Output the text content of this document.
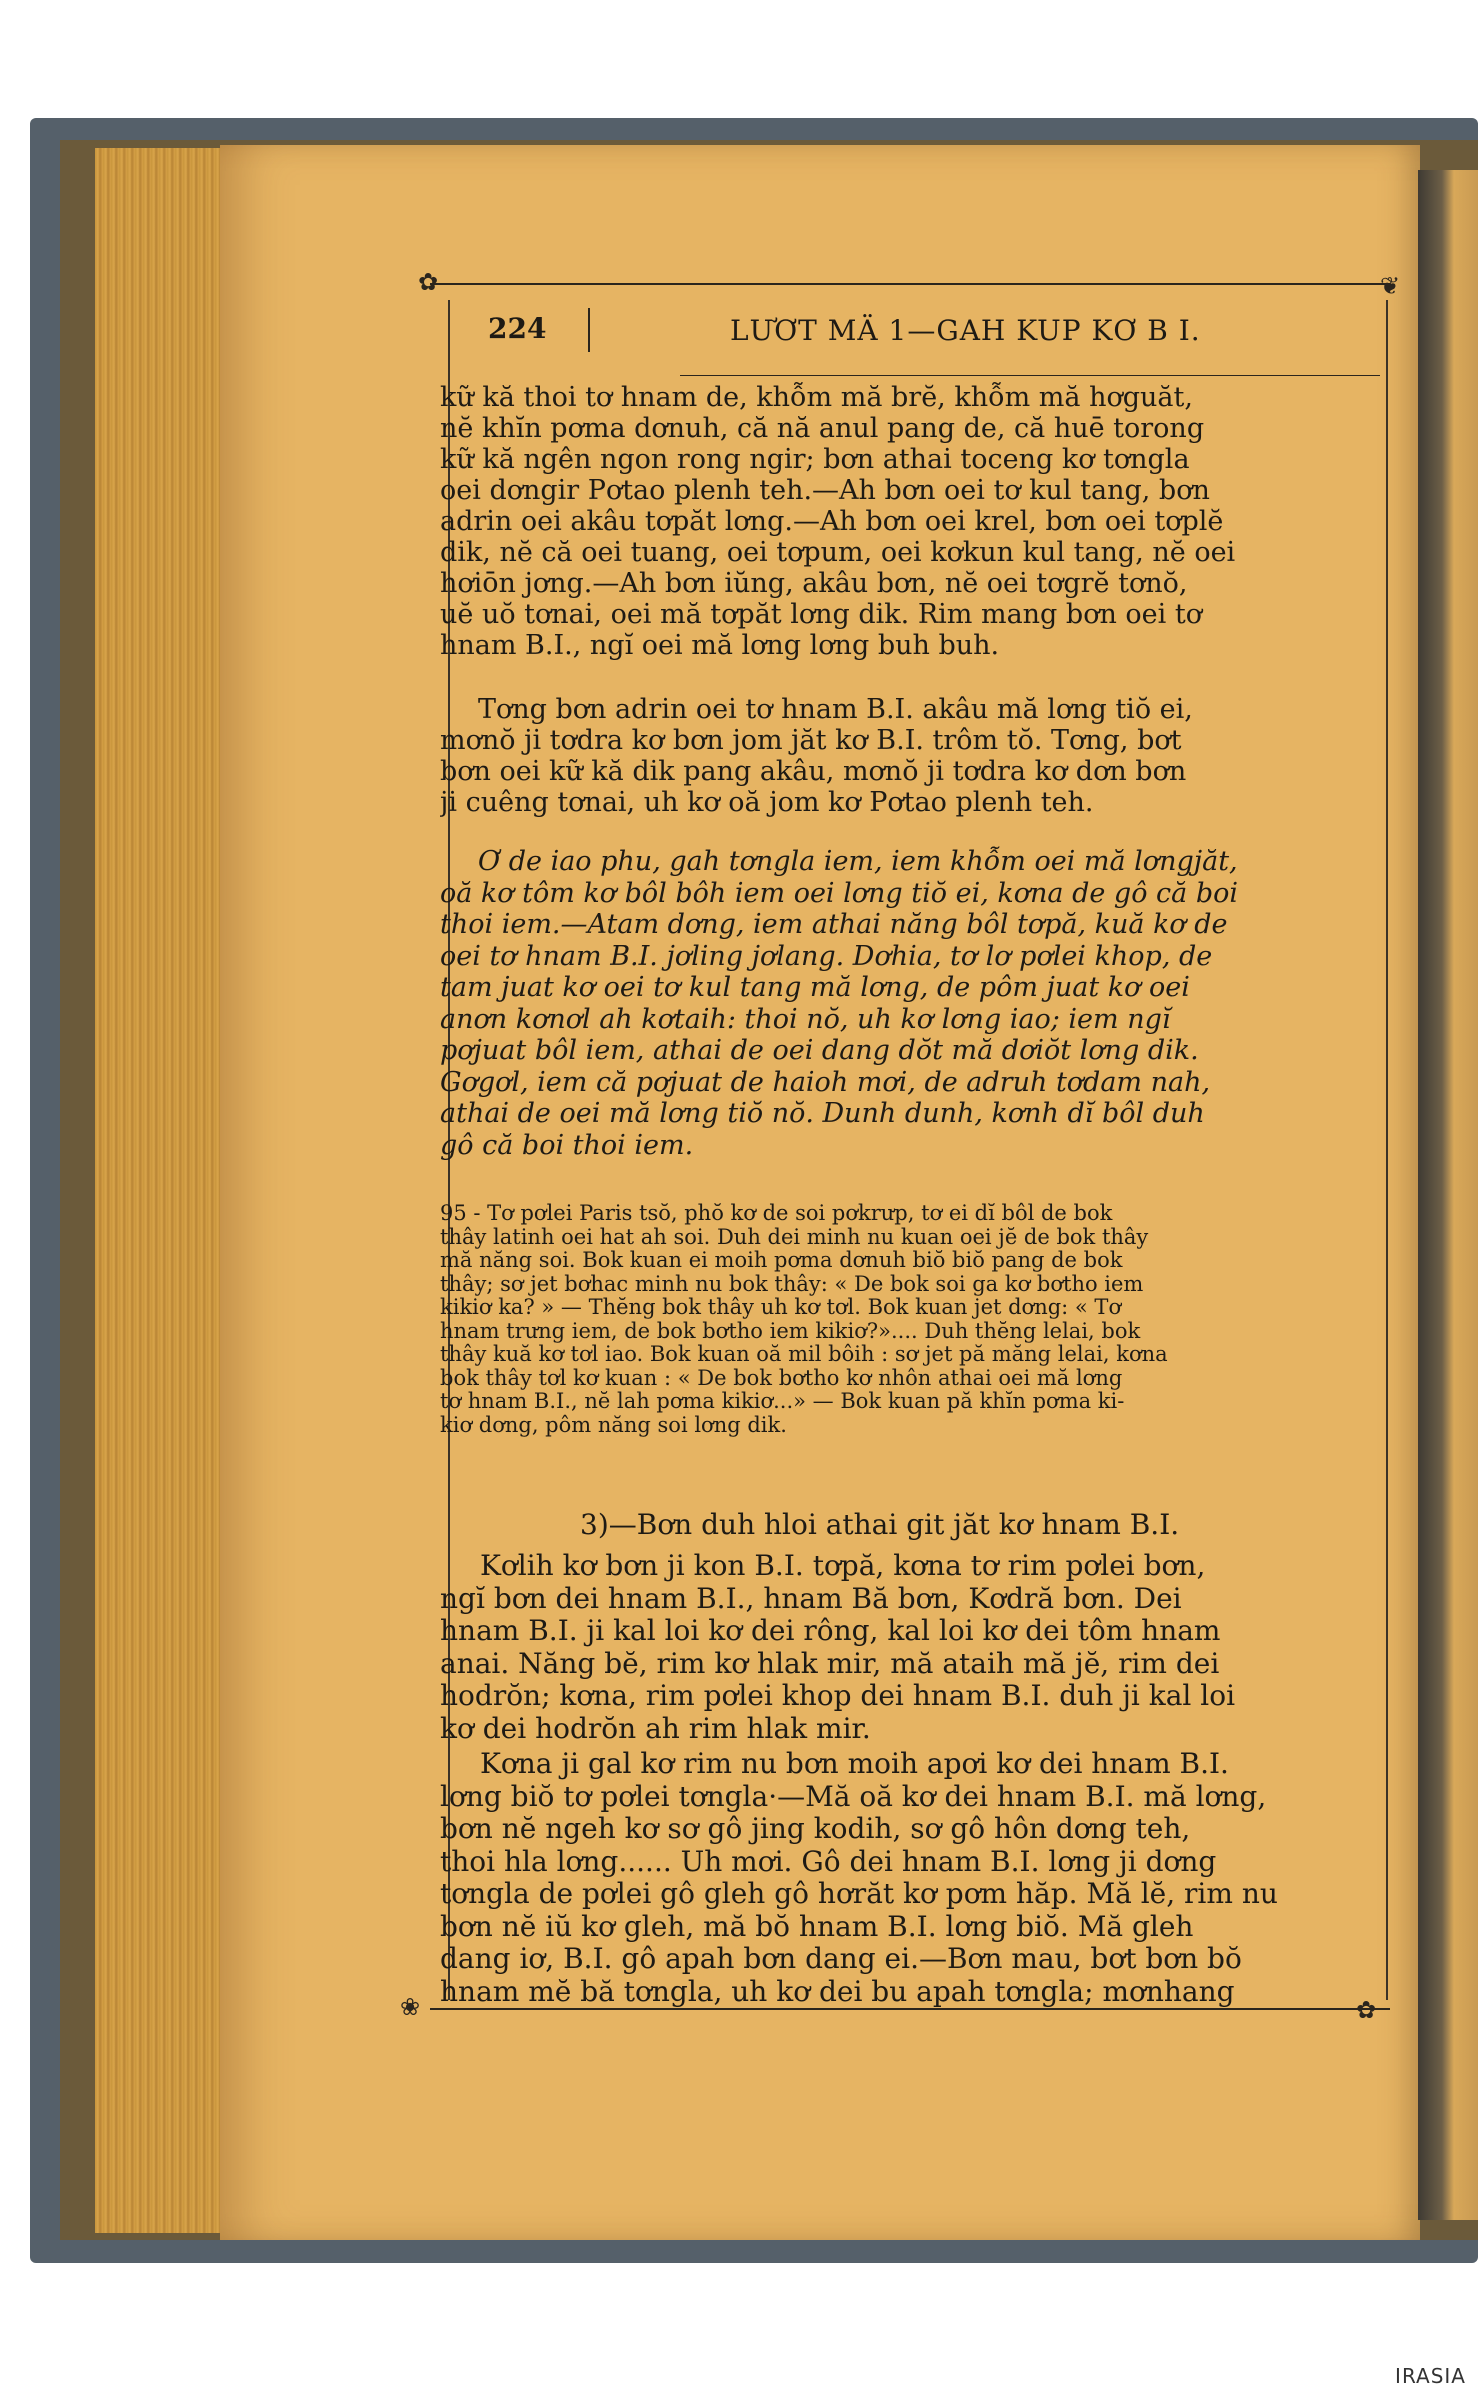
✿	❦
❀	✿
224	LƯƠT MÄ 1—GAH KUP KƠ B I.
kữ kă thoi tơ hnam de, khỗm mă brĕ, khỗm mă hơguăt,
nĕ khĭn pơma dơnuh, că nă anul pang de, că huē torong
kữ kă ngên ngon rong ngir; bơn athai toceng kơ tơngla
oei dơngir Pơtao plenh teh.—Ah bơn oei tơ kul tang, bơn
adrin oei akâu tơpăt lơng.—Ah bơn oei krel, bơn oei tơplĕ
dik, nĕ că oei tuang, oei tơpum, oei kơkun kul tang, nĕ oei
hơiōn jơng.—Ah bơn iŭng, akâu bơn, nĕ oei tơgrĕ tơnŏ,
uĕ uŏ tơnai, oei mă tơpăt lơng dik. Rim mang bơn oei tơ
hnam B.I., ngĭ oei mă lơng lơng buh buh.
Tơng bơn adrin oei tơ hnam B.I. akâu mă lơng tiŏ ei,
mơnŏ ji tơdra kơ bơn jom jăt kơ B.I. trôm tŏ. Tơng, bơt
bơn oei kữ kă dik pang akâu, mơnŏ ji tơdra kơ dơn bơn
ji cuêng tơnai, uh kơ oă jom kơ Pơtao plenh teh.
Ơ de iao phu, gah tơngla iem, iem khỗm oei mă lơngjăt,
oă kơ tôm kơ bôl bôh iem oei lơng tiŏ ei, kơna de gô că boi
thoi iem.—Atam dơng, iem athai năng bôl tơpă, kuă kơ de
oei tơ hnam B.I. jơling jơlang. Dơhia, tơ lơ pơlei khop, de
tam juat kơ oei tơ kul tang mă lơng, de pôm juat kơ oei
anơn kơnơl ah kơtaih: thoi nŏ, uh kơ lơng iao; iem ngĭ
pơjuat bôl iem, athai de oei dang dŏt mă dơiŏt lơng dik.
Gơgơl, iem că pơjuat de haioh mơi, de adruh tơdam nah,
athai de oei mă lơng tiŏ nŏ. Dunh dunh, kơnh dĭ bôl duh
gô că boi thoi iem.
95 - Tơ pơlei Paris tsŏ, phŏ kơ de soi pơkrưp, tơ ei dĭ bôl de bok
thây latinh oei hat ah soi. Duh dei minh nu kuan oei jĕ de bok thây
mă năng soi. Bok kuan ei moih pơma dơnuh biŏ biŏ pang de bok
thây; sơ jet bơhac minh nu bok thây: « De bok soi ga kơ bơtho iem
kikiơ ka? » — Thĕng bok thây uh kơ tơl. Bok kuan jet dơng: « Tơ
hnam trưng iem, de bok bơtho iem kikiơ?».... Duh thĕng lelai, bok
thây kuă kơ tơl iao. Bok kuan oă mil bôih : sơ jet pă măng lelai, kơna
bok thây tơl kơ kuan : « De bok bơtho kơ nhôn athai oei mă lơng
tơ hnam B.I., nĕ lah pơma kikiơ...» — Bok kuan pă khĭn pơma ki-
kiơ dơng, pôm năng soi lơng dik.
3)—Bơn duh hloi athai git jăt kơ hnam B.I.
Kơlih kơ bơn ji kon B.I. tơpă, kơna tơ rim pơlei bơn,
ngĭ bơn dei hnam B.I., hnam Bă bơn, Kơdră bơn. Dei
hnam B.I. ji kal loi kơ dei rông, kal loi kơ dei tôm hnam
anai. Năng bĕ, rim kơ hlak mir, mă ataih mă jĕ, rim dei
hodrŏn; kơna, rim pơlei khop dei hnam B.I. duh ji kal loi
kơ dei hodrŏn ah rim hlak mir.
Kơna ji gal kơ rim nu bơn moih apơi kơ dei hnam B.I.
lơng biŏ tơ pơlei tơngla·—Mă oă kơ dei hnam B.I. mă lơng,
bơn nĕ ngeh kơ sơ gô jing kodih, sơ gô hôn dơng teh,
thoi hla lơng...... Uh mơi. Gô dei hnam B.I. lơng ji dơng
tơngla de pơlei gô gleh gô hơrăt kơ pơm hăp. Mă lĕ, rim nu
bơn nĕ iŭ kơ gleh, mă bŏ hnam B.I. lơng biŏ. Mă gleh
dang iơ, B.I. gô apah bơn dang ei.—Bơn mau, bơt bơn bŏ
hnam mĕ bă tơngla, uh kơ dei bu apah tơngla; mơnhang
IRASIA
